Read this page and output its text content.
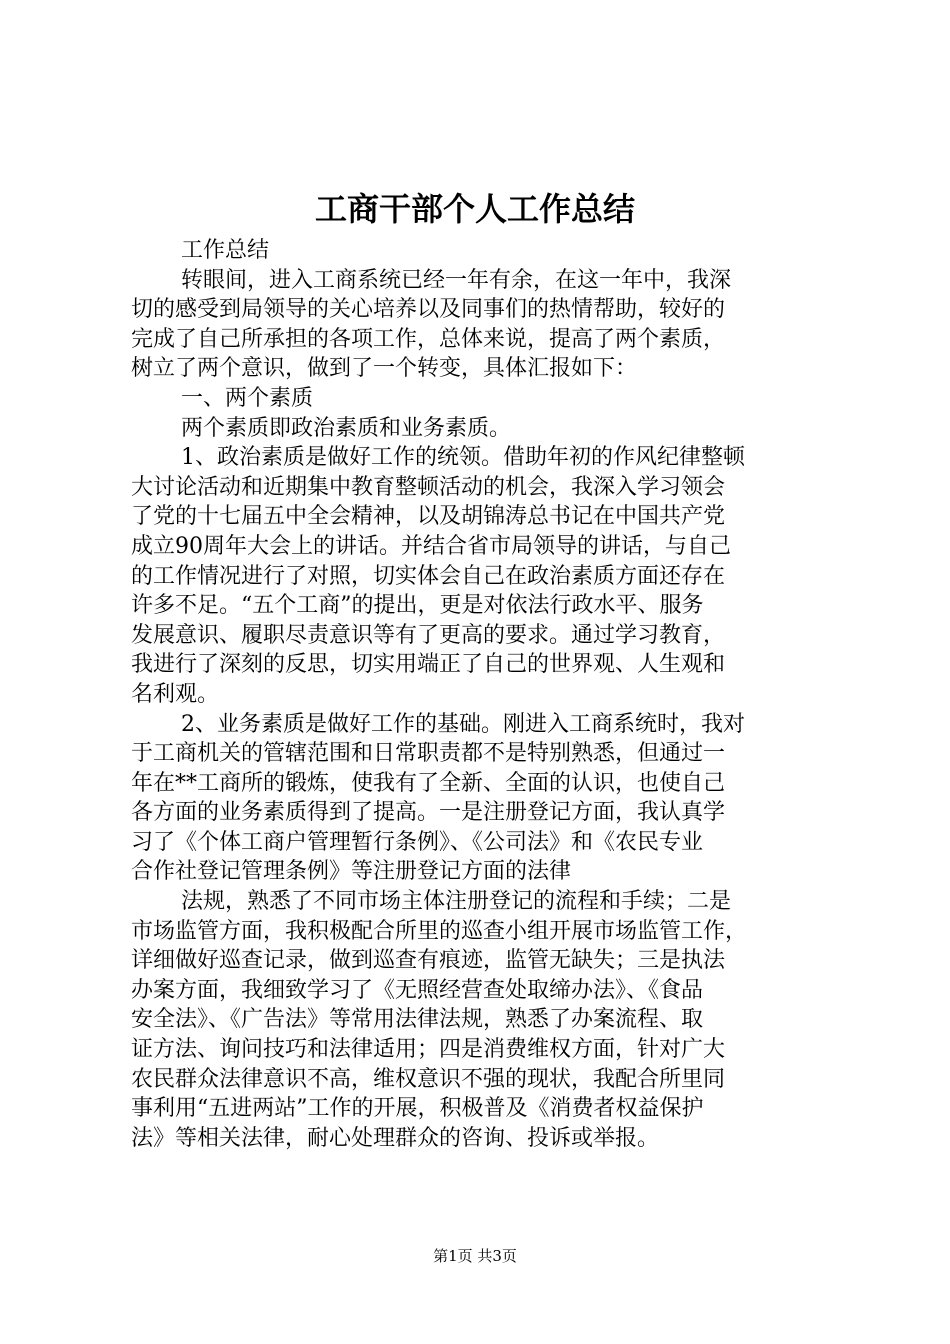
工商干部个人工作总结
工作总结
转眼间，进入工商系统已经一年有余，在这一年中，我深
切的感受到局领导的关心培养以及同事们的热情帮助，较好的
完成了自己所承担的各项工作，总体来说，提高了两个素质，
树立了两个意识，做到了一个转变，具体汇报如下：
一、两个素质
两个素质即政治素质和业务素质。
1、政治素质是做好工作的统领。借助年初的作风纪律整顿
大讨论活动和近期集中教育整顿活动的机会，我深入学习领会
了党的十七届五中全会精神，以及胡锦涛总书记在中国共产党
成立90周年大会上的讲话。并结合省市局领导的讲话，与自己
的工作情况进行了对照，切实体会自己在政治素质方面还存在
许多不足。“五个工商”的提出，更是对依法行政水平、服务
发展意识、履职尽责意识等有了更高的要求。通过学习教育，
我进行了深刻的反思，切实用端正了自己的世界观、人生观和
名利观。
2、业务素质是做好工作的基础。刚进入工商系统时，我对
于工商机关的管辖范围和日常职责都不是特别熟悉，但通过一
年在**工商所的锻炼，使我有了全新、全面的认识，也使自己
各方面的业务素质得到了提高。一是注册登记方面，我认真学
习了《个体工商户管理暂行条例》、《公司法》和《农民专业
合作社登记管理条例》等注册登记方面的法律
法规，熟悉了不同市场主体注册登记的流程和手续；二是
市场监管方面，我积极配合所里的巡查小组开展市场监管工作，
详细做好巡查记录，做到巡查有痕迹，监管无缺失；三是执法
办案方面，我细致学习了《无照经营查处取缔办法》、《食品
安全法》、《广告法》等常用法律法规，熟悉了办案流程、取
证方法、询问技巧和法律适用；四是消费维权方面，针对广大
农民群众法律意识不高，维权意识不强的现状，我配合所里同
事利用“五进两站”工作的开展，积极普及《消费者权益保护
法》等相关法律，耐心处理群众的咨询、投诉或举报。
第1页 共3页
